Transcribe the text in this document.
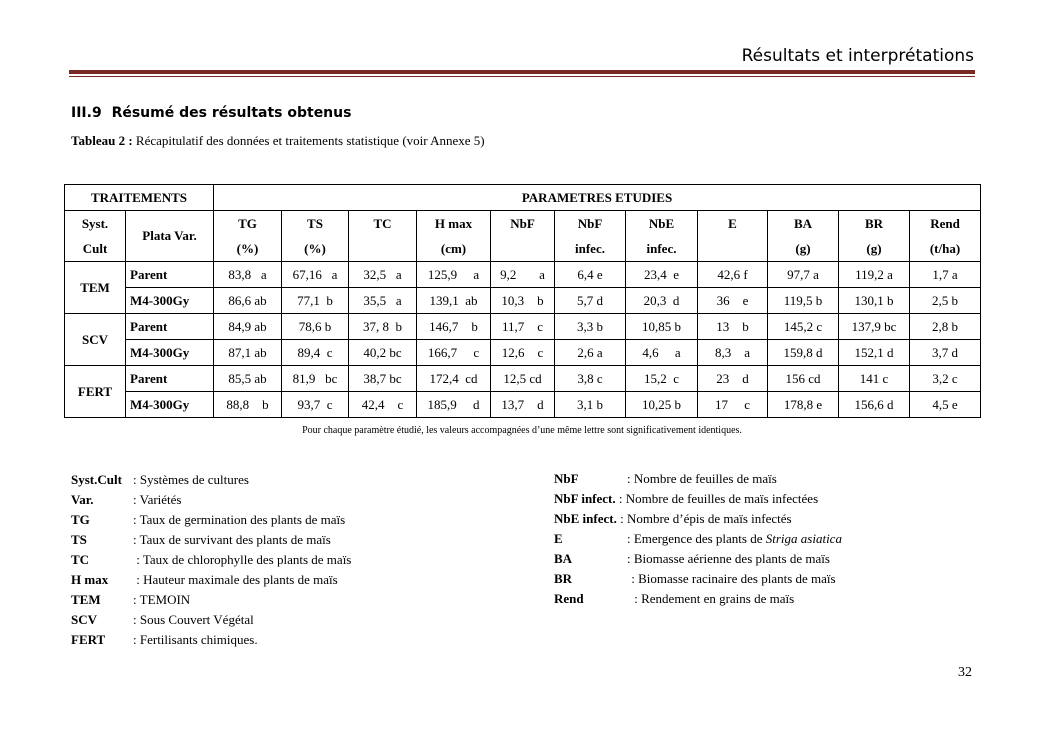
Résultats et interprétations
III.9 Résumé des résultats obtenus
Tableau 2 : Récapitulatif des données et traitements statistique (voir Annexe 5)
TRAITEMENTS		PARAMETRES ETUDIES										
Syst.	Plata Var.	TG	TS	TC	H max	NbF	NbF	NbE	E	BA	BR	Rend
Cult		(%)	(%)		(cm)		infec.	infec.		(g)	(g)	(t/ha)
TEM	Parent	83,8   a	67,16   a	32,5   a	125,9     a	9,2       a	6,4 e	23,4  e	42,6 f	97,7 a	119,2 a	1,7 a
	M4-300Gy	86,6 ab	77,1  b	35,5   a	139,1  ab	10,3    b	5,7 d	20,3  d	36    e	119,5 b	130,1 b	2,5 b
SCV	Parent	84,9 ab	78,6 b	37, 8  b	146,7    b	11,7    c	3,3 b	10,85 b	13    b	145,2 c	137,9 bc	2,8 b
	M4-300Gy	87,1 ab	89,4  c	40,2 bc	166,7     c	12,6    c	2,6 a	4,6     a	8,3    a	159,8 d	152,1 d	3,7 d
FERT	Parent	85,5 ab	81,9   bc	38,7 bc	172,4  cd	12,5 cd	3,8 c	15,2  c	23    d	156 cd	141 c	3,2 c
	M4-300Gy	88,8    b	93,7  c	42,4    c	185,9     d	13,7    d	3,1 b	10,25 b	17     c	178,8 e	156,6 d	4,5 e
Pour chaque paramètre étudié, les valeurs accompagnées d’une même lettre sont significativement identiques.
Syst.Cult : Systèmes de cultures
Var.	: Variétés
TG	: Taux de germination des plants de maïs
TS	: Taux de survivant des plants de maïs
TC	: Taux de chlorophylle des plants de maïs
H max : Hauteur maximale des plants de maïs
TEM : TEMOIN
SCV	: Sous Couvert Végétal
FERT : Fertilisants chimiques.
NbF	: Nombre de feuilles de maïs
NbF infect. : Nombre de feuilles de maïs infectées
NbE infect. : Nombre d’épis de maïs infectés
E	: Emergence des plants de Striga asiatica
BA	: Biomasse aérienne des plants de maïs
BR	: Biomasse racinaire des plants de maïs
Rend	: Rendement en grains de maïs
32
